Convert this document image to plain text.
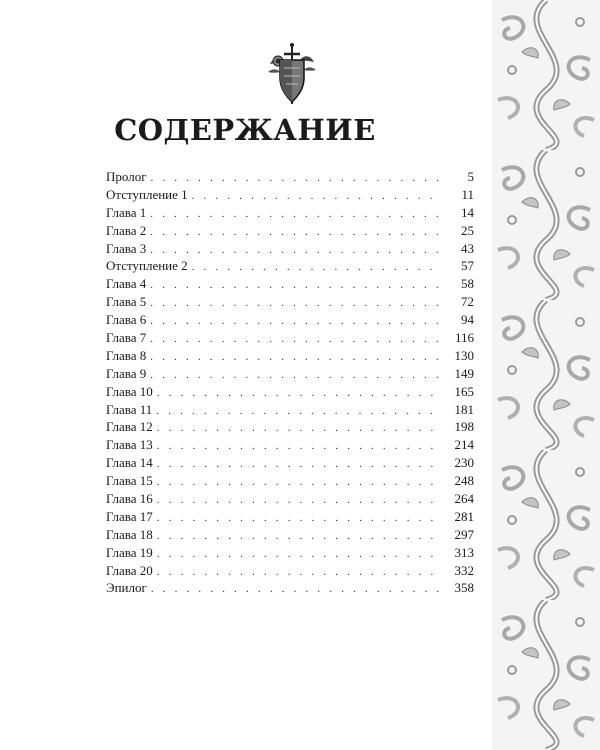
СОДЕРЖАНИЕ
Пролог . . .	5
Отступление 1 . . .	11
Глава 1 . . .	14
Глава 2 . . .	25
Глава 3 . . .	43
Отступление 2 . . .	57
Глава 4 . . .	58
Глава 5 . . .	72
Глава 6 . . .	94
Глава 7 . . .	116
Глава 8 . . .	130
Глава 9 . . .	149
Глава 10 . . .	165
Глава 11 . . .	181
Глава 12 . . .	198
Глава 13 . . .	214
Глава 14 . . .	230
Глава 15 . . .	248
Глава 16 . . .	264
Глава 17 . . .	281
Глава 18 . . .	297
Глава 19 . . .	313
Глава 20 . . .	332
Эпилог . . .	358
